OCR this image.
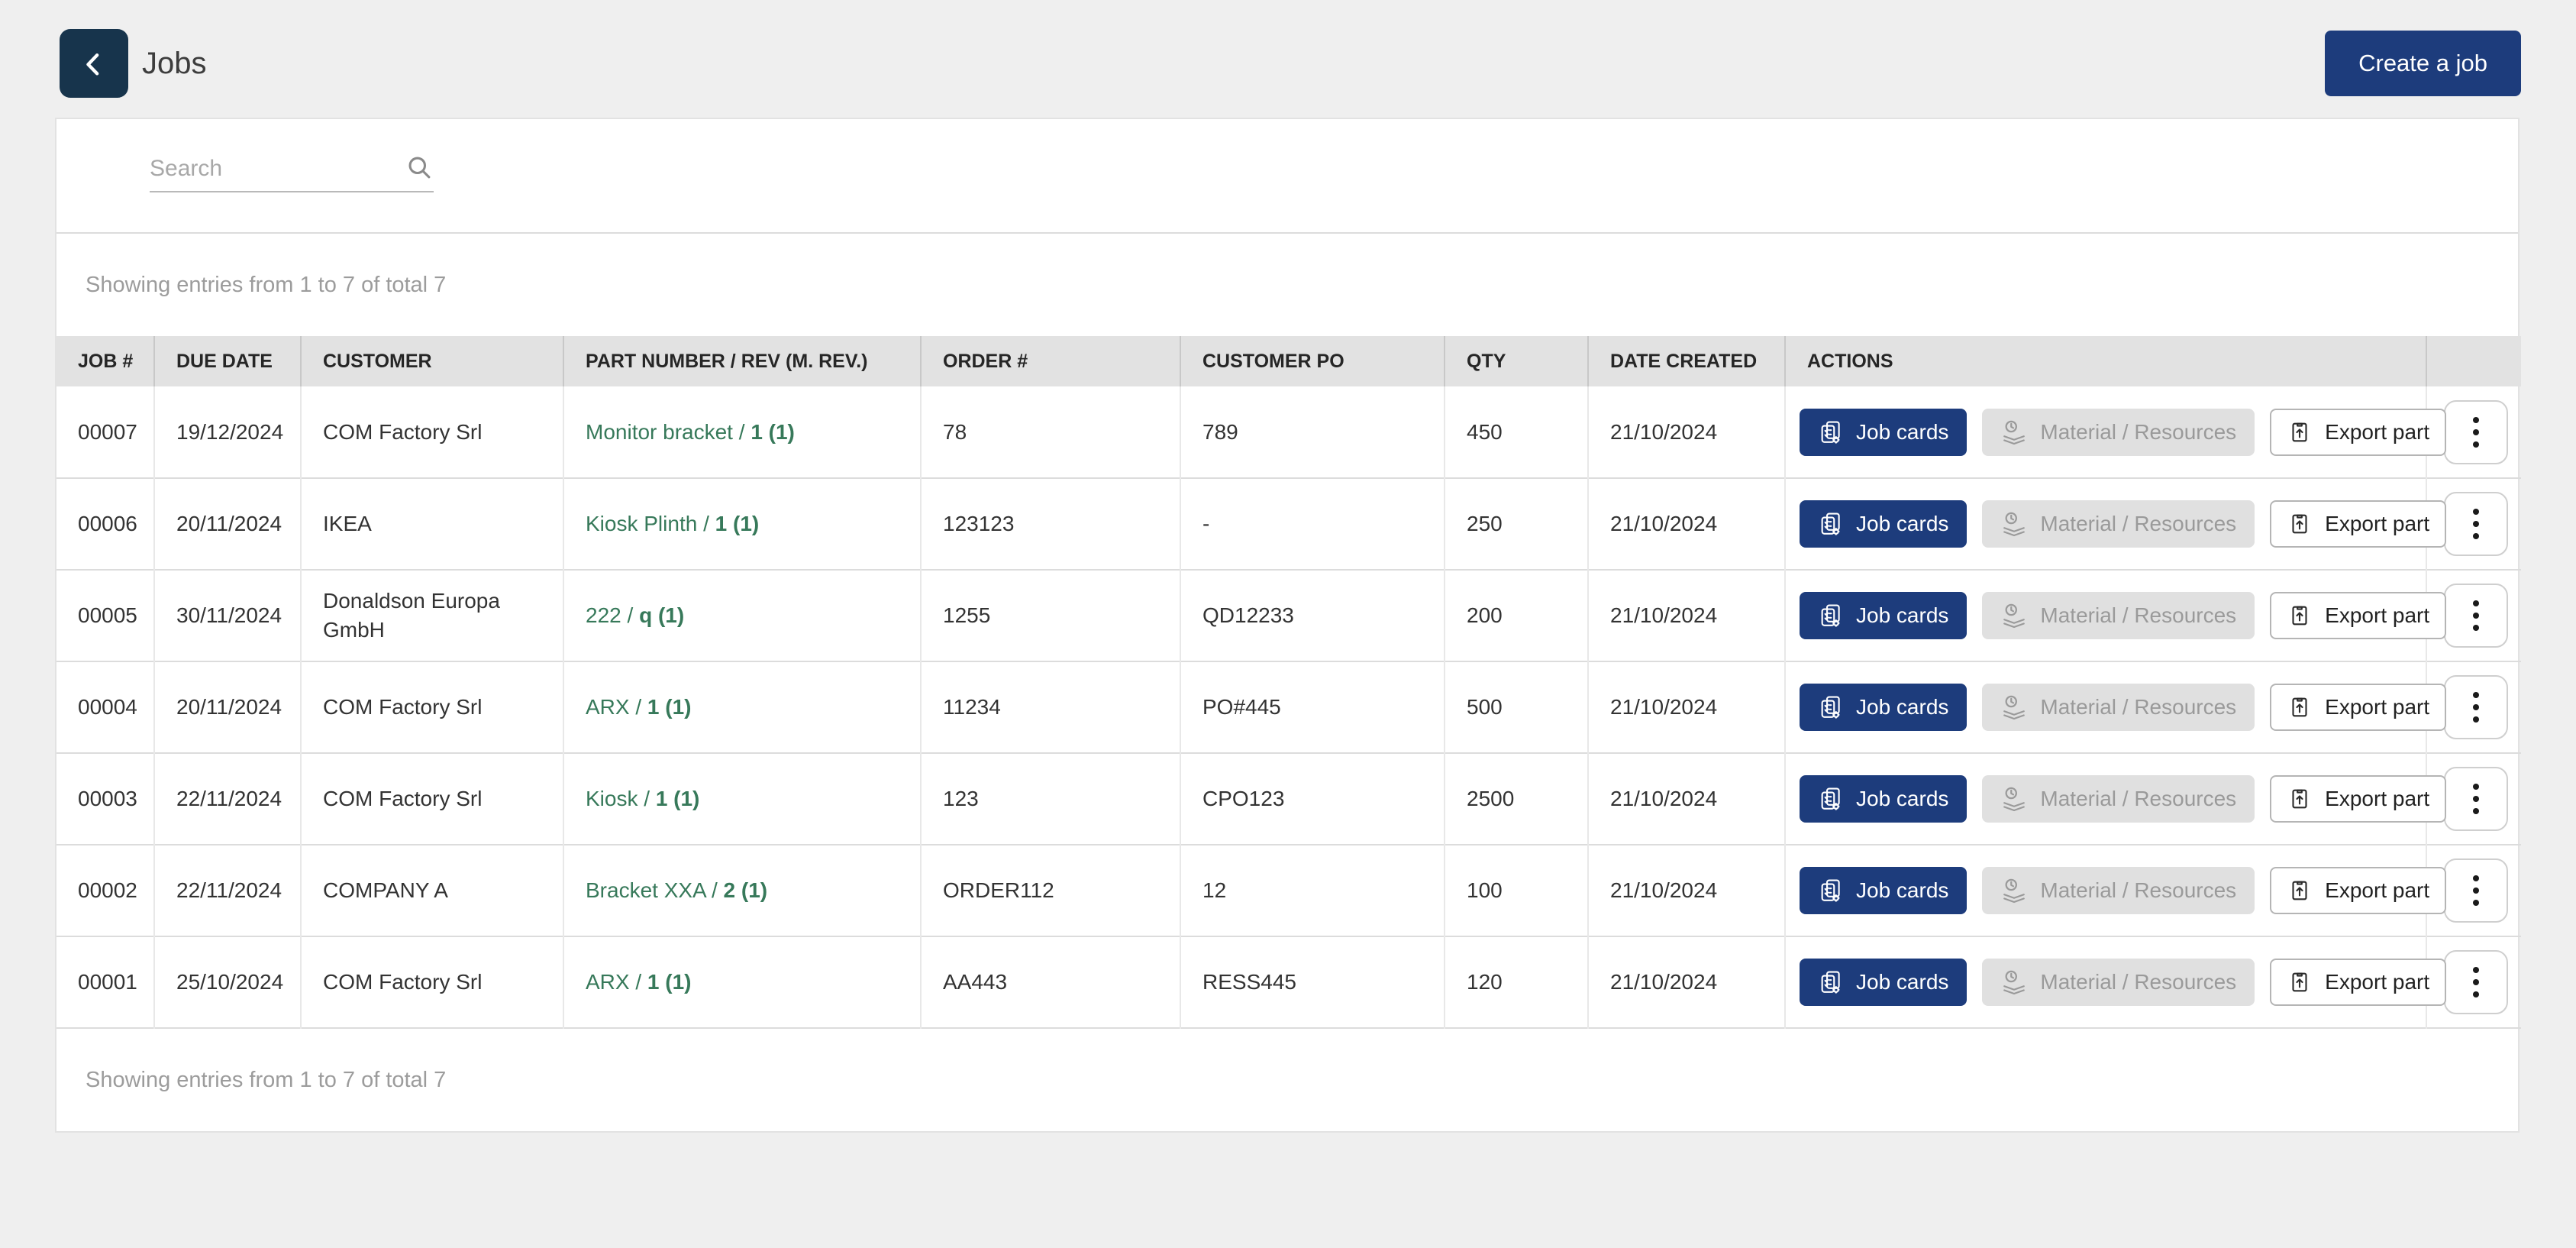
Jobs	Create a job
Search
Showing entries from 1 to 7 of total 7
JOB #	DUE DATE	CUSTOMER	PART NUMBER / REV (M. REV.)	ORDER #	CUSTOMER PO	QTY	DATE CREATED	ACTIONS	
00007	19/12/2024	COM Factory Srl	Monitor bracket / 1 (1)	78	789	450	21/10/2024	Job cards Material / Resources Export part

00006	20/11/2024	IKEA	Kiosk Plinth / 1 (1)	123123	-	250	21/10/2024	Job cards Material / Resources Export part

00005	30/11/2024	Donaldson Europa GmbH	222 / q (1)	1255	QD12233	200	21/10/2024	Job cards Material / Resources Export part

00004	20/11/2024	COM Factory Srl	ARX / 1 (1)	11234	PO#445	500	21/10/2024	Job cards Material / Resources Export part

00003	22/11/2024	COM Factory Srl	Kiosk / 1 (1)	123	CPO123	2500	21/10/2024	Job cards Material / Resources Export part

00002	22/11/2024	COMPANY A	Bracket XXA / 2 (1)	ORDER112	12	100	21/10/2024	Job cards Material / Resources Export part

00001	25/10/2024	COM Factory Srl	ARX / 1 (1)	AA443	RESS445	120	21/10/2024	Job cards Material / Resources Export part

Showing entries from 1 to 7 of total 7
